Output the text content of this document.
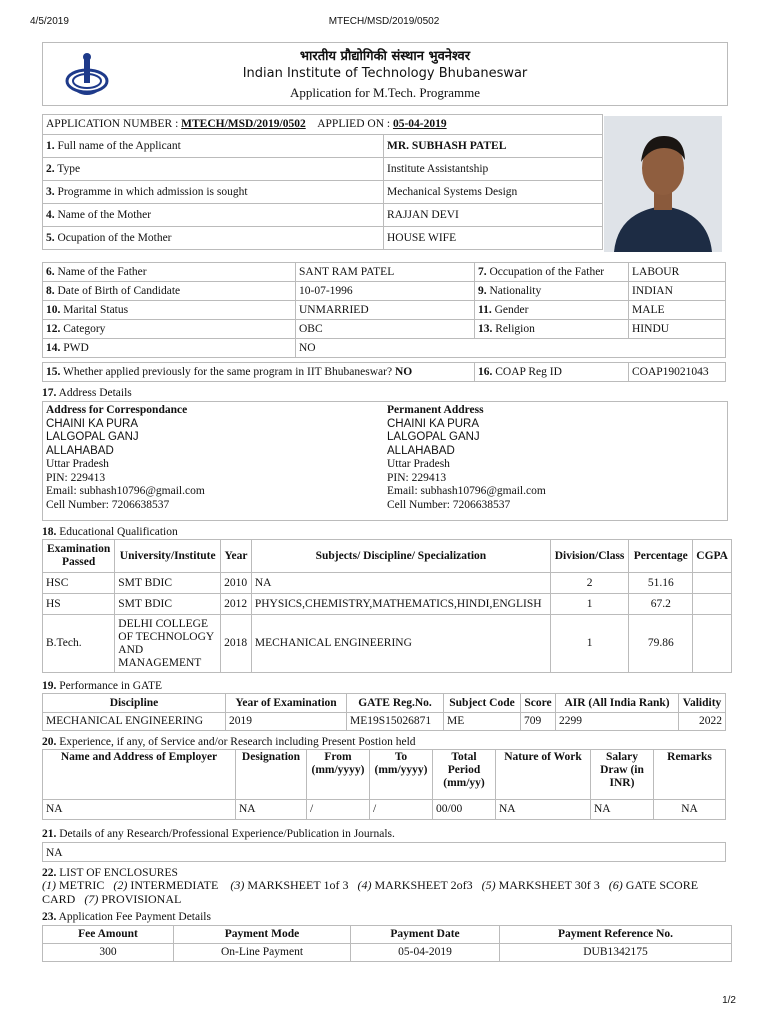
4/5/2019	MTECH/MSD/2019/0502
भारतीय प्रौद्योगिकी संस्थान भुवनेश्वर
Indian Institute of Technology Bhubaneswar
Application for M.Tech. Programme
APPLICATION NUMBER : MTECH/MSD/2019/0502 APPLIED ON : 05-04-2019	
1. Full name of the Applicant	MR. SUBHASH PATEL
2. Type	Institute Assistantship
3. Programme in which admission is sought	Mechanical Systems Design
4. Name of the Mother	RAJJAN DEVI
5. Ocupation of the Mother	HOUSE WIFE
6. Name of the Father	SANT RAM PATEL	7. Occupation of the Father	LABOUR
8. Date of Birth of Candidate	10-07-1996	9. Nationality	INDIAN
10. Marital Status	UNMARRIED	11. Gender	MALE
12. Category	OBC	13. Religion	HINDU
14. PWD	NO		
15. Whether applied previously for the same program in IIT Bhubaneswar? NO	16. COAP Reg ID	COAP19021043
17. Address Details
Address for Correspondance
CHAINI KA PURA
LALGOPAL GANJ
ALLAHABAD
Uttar Pradesh
PIN: 229413
Email: subhash10796@gmail.com
Cell Number: 7206638537
Permanent Address
CHAINI KA PURA
LALGOPAL GANJ
ALLAHABAD
Uttar Pradesh
PIN: 229413
Email: subhash10796@gmail.com
Cell Number: 7206638537
18. Educational Qualification
Examination Passed	University/Institute	Year	Subjects/ Discipline/ Specialization	Division/Class	Percentage	CGPA
HSC	SMT BDIC	2010	NA	2	51.16	
HS	SMT BDIC	2012	PHYSICS,CHEMISTRY,MATHEMATICS,HINDI,ENGLISH	1	67.2	
B.Tech.	DELHI COLLEGE OF TECHNOLOGY AND MANAGEMENT	2018	MECHANICAL ENGINEERING	1	79.86	
19. Performance in GATE
Discipline	Year of Examination	GATE Reg.No.	Subject Code	Score	AIR (All India Rank)	Validity
MECHANICAL ENGINEERING	2019	ME19S15026871	ME	709	2299	2022
20. Experience, if any, of Service and/or Research including Present Postion held
Name and Address of Employer	Designation	From (mm/yyyy)	To (mm/yyyy)	Total Period (mm/yy)	Nature of Work	Salary Draw (in INR)	Remarks
NA	NA	/	/	00/00	NA	NA	NA
21. Details of any Research/Professional Experience/Publication in Journals.
NA
22. LIST OF ENCLOSURES
(1) METRIC (2) INTERMEDIATE (3) MARKSHEET 1of 3 (4) MARKSHEET 2of3 (5) MARKSHEET 30f 3 (6) GATE SCORE
CARD (7) PROVISIONAL
23. Application Fee Payment Details
Fee Amount	Payment Mode	Payment Date	Payment Reference No.
300	On-Line Payment	05-04-2019	DUB1342175
1/2
